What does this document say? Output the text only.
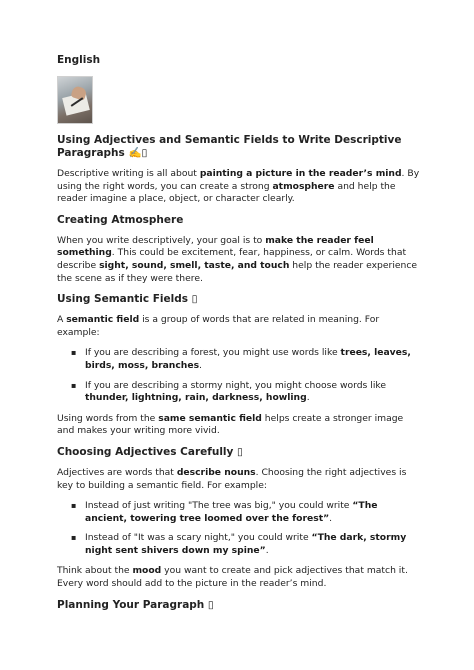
English
Using Adjectives and Semantic Fields to Write Descriptive Paragraphs ✍️▯

Descriptive writing is all about painting a picture in the reader’s mind. By using the right words, you can create a strong atmosphere and help the reader imagine a place, object, or character clearly.

Creating Atmosphere

When you write descriptively, your goal is to make the reader feel something. This could be excitement, fear, happiness, or calm. Words that describe sight, sound, smell, taste, and touch help the reader experience the scene as if they were there.

Using Semantic Fields ▯

A semantic field is a group of words that are related in meaning. For example:

▪ If you are describing a forest, you might use words like trees, leaves, birds, moss, branches.
▪ If you are describing a stormy night, you might choose words like thunder, lightning, rain, darkness, howling.

Using words from the same semantic field helps create a stronger image and makes your writing more vivid.

Choosing Adjectives Carefully ▯

Adjectives are words that describe nouns. Choosing the right adjectives is key to building a semantic field. For example:

▪ Instead of just writing "The tree was big," you could write “The ancient, towering tree loomed over the forest”.
▪ Instead of "It was a scary night," you could write “The dark, stormy night sent shivers down my spine”.

Think about the mood you want to create and pick adjectives that match it. Every word should add to the picture in the reader’s mind.

Planning Your Paragraph ▯
